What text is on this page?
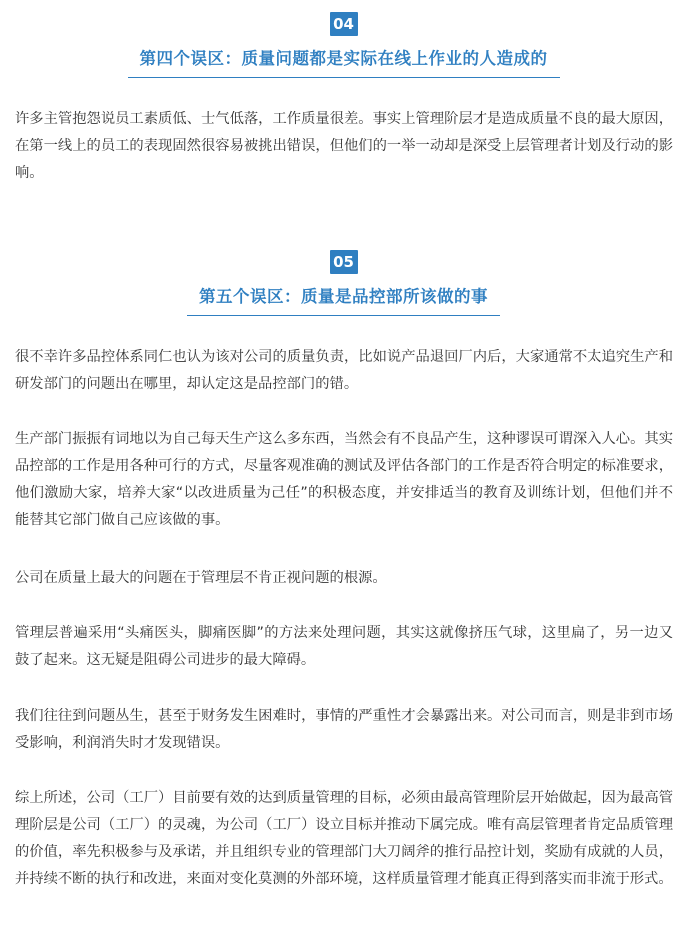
04
第四个误区：质量问题都是实际在线上作业的人造成的

许多主管抱怨说员工素质低、士气低落，工作质量很差。事实上管理阶层才是造成质量不良的最大原因，在第一线上的员工的表现固然很容易被挑出错误，但他们的一举一动却是深受上层管理者计划及行动的影响。

05
第五个误区：质量是品控部所该做的事

很不幸许多品控体系同仁也认为该对公司的质量负责，比如说产品退回厂内后，大家通常不太追究生产和研发部门的问题出在哪里，却认定这是品控部门的错。

生产部门振振有词地以为自己每天生产这么多东西，当然会有不良品产生，这种谬误可谓深入人心。其实品控部的工作是用各种可行的方式，尽量客观准确的测试及评估各部门的工作是否符合明定的标准要求，他们激励大家，培养大家“以改进质量为己任”的积极态度，并安排适当的教育及训练计划，但他们并不能替其它部门做自己应该做的事。

公司在质量上最大的问题在于管理层不肯正视问题的根源。

管理层普遍采用“头痛医头，脚痛医脚”的方法来处理问题，其实这就像挤压气球，这里扁了，另一边又鼓了起来。这无疑是阻碍公司进步的最大障碍。

我们往往到问题丛生，甚至于财务发生困难时，事情的严重性才会暴露出来。对公司而言，则是非到市场受影响，利润消失时才发现错误。

综上所述，公司（工厂）目前要有效的达到质量管理的目标，必须由最高管理阶层开始做起，因为最高管理阶层是公司（工厂）的灵魂，为公司（工厂）设立目标并推动下属完成。唯有高层管理者肯定品质管理的价值，率先积极参与及承诺，并且组织专业的管理部门大刀阔斧的推行品控计划，奖励有成就的人员，并持续不断的执行和改进，来面对变化莫测的外部环境，这样质量管理才能真正得到落实而非流于形式。
